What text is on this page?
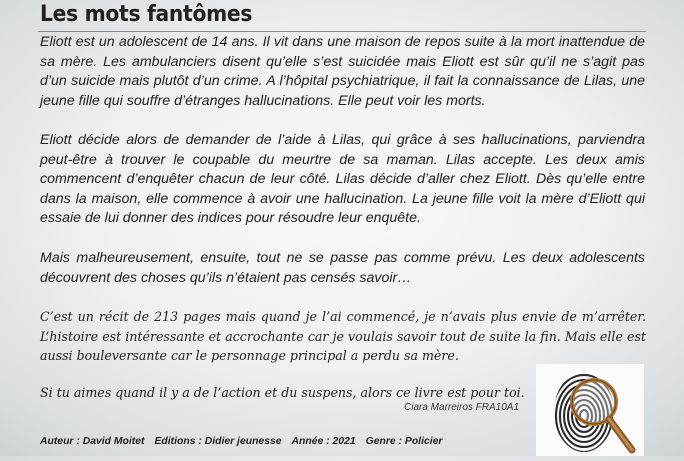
Les mots fantômes

Eliott est un adolescent de 14 ans. Il vit dans une maison de repos suite à la mort inattendue de sa mère. Les ambulanciers disent qu’elle s’est suicidée mais Eliott est sûr qu’il ne s’agit pas d’un suicide mais plutôt d’un crime. A l’hôpital psychiatrique, il fait la connaissance de Lilas, une jeune fille qui souffre d’étranges hallucinations. Elle peut voir les morts.

Eliott décide alors de demander de l’aide à Lilas, qui grâce à ses hallucinations, parviendra peut-être à trouver le coupable du meurtre de sa maman. Lilas accepte. Les deux amis commencent d’enquêter chacun de leur côté. Lilas décide d’aller chez Eliott. Dès qu’elle entre dans la maison, elle commence à avoir une hallucination. La jeune fille voit la mère d’Eliott qui essaie de lui donner des indices pour résoudre leur enquête.

Mais malheureusement, ensuite, tout ne se passe pas comme prévu. Les deux adolescents découvrent des choses qu’ils n’étaient pas censés savoir…

C’est un récit de 213 pages mais quand je l’ai commencé, je n’avais plus envie de m’arrêter. L’histoire est intéressante et accrochante car je voulais savoir tout de suite la fin. Mais elle est aussi bouleversante car le personnage principal a perdu sa mère.

Si tu aimes quand il y a de l’action et du suspens, alors ce livre est pour toi.

Ciara Marreiros FRA10A1
Auteur : David Moitet Editions : Didier jeunesse Année : 2021 Genre : Policier
